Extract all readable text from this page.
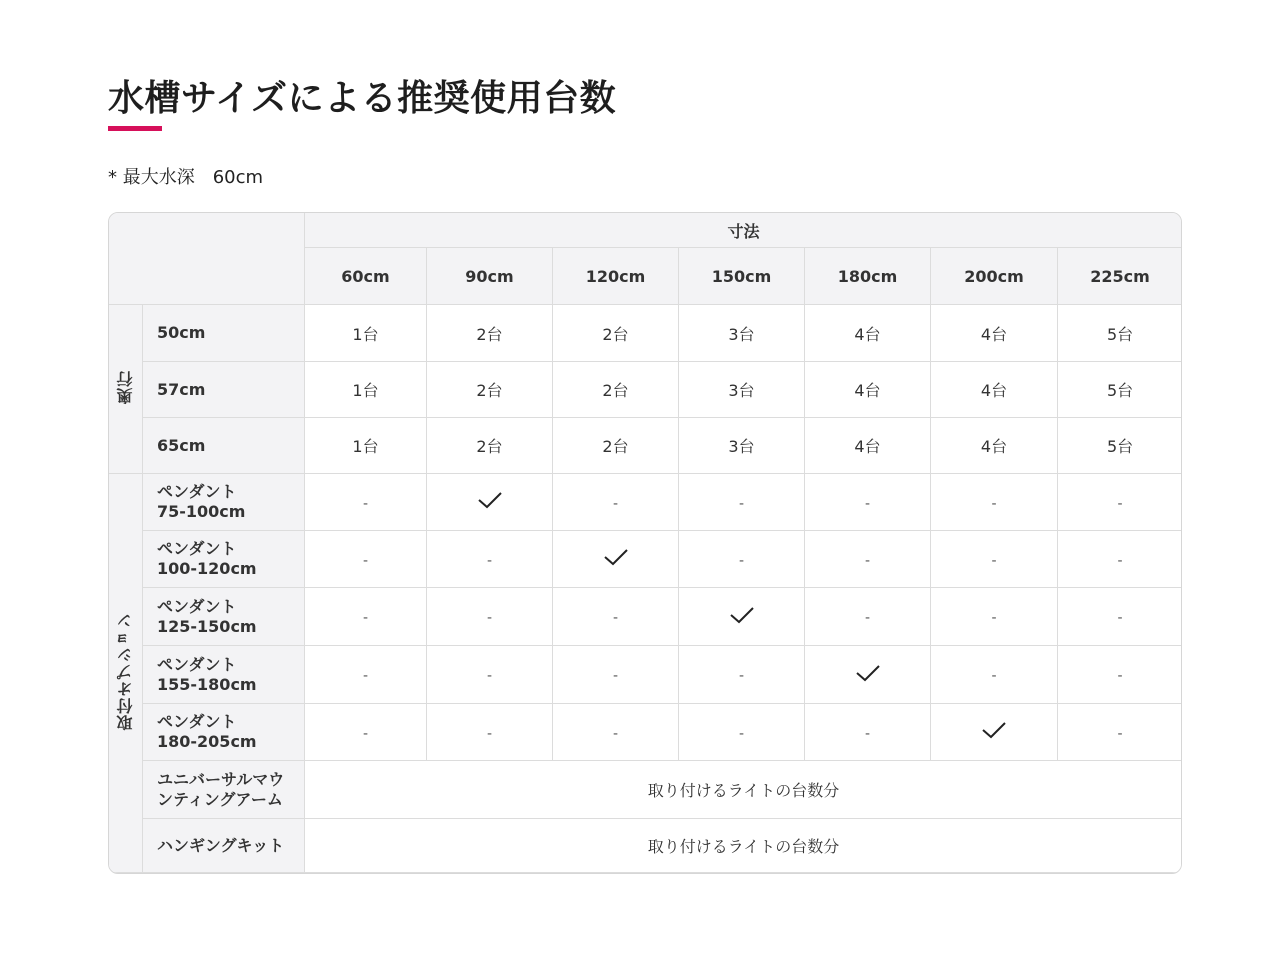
水槽サイズによる推奨使用台数
* 最大水深　60cm
		寸法						
		60cm	90cm	120cm	150cm	180cm	200cm	225cm
奥行	50cm	1台	2台	2台	3台	4台	4台	5台
	57cm	1台	2台	2台	3台	4台	4台	5台
	65cm	1台	2台	2台	3台	4台	4台	5台
取付オプション	ペンダント
75-100cm	-		-	-	-	-	-

	ペンダント
100-120cm	-	-		-	-	-	-

	ペンダント
125-150cm	-	-	-		-	-	-

	ペンダント
155-180cm	-	-	-	-		-	-

	ペンダント
180-205cm	-	-	-	-	-		-

	ユニバーサルマウ
ンティングアーム	取り付けるライトの台数分						

	ハンギングキット	取り付けるライトの台数分						
